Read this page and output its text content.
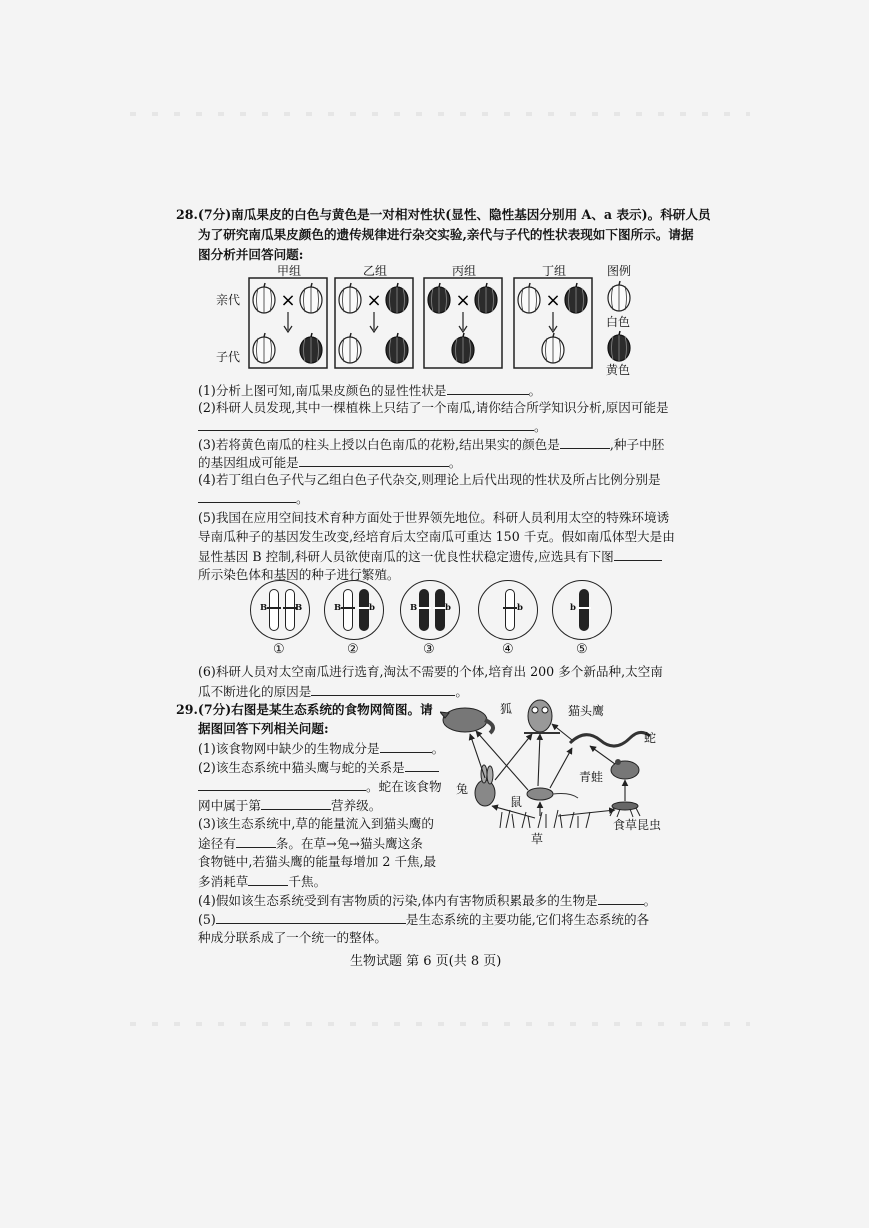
28.(7分)南瓜果皮的白色与黄色是一对相对性状(显性、隐性基因分别用 A、a 表示)。科研人员
为了研究南瓜果皮颜色的遗传规律进行杂交实验,亲代与子代的性状表现如下图所示。请据
图分析并回答问题:
×	×	×	×
甲组	乙组	丙组	丁组	图例
亲代
子代
白色
黄色
(1)分析上图可知,南瓜果皮颜色的显性性状是	。
(2)科研人员发现,其中一棵植株上只结了一个南瓜,请你结合所学知识分析,原因可能是
。
(3)若将黄色南瓜的柱头上授以白色南瓜的花粉,结出果实的颜色是	,种子中胚
的基因组成可能是	。
(4)若丁组白色子代与乙组白色子代杂交,则理论上后代出现的性状及所占比例分别是
。
(5)我国在应用空间技术育种方面处于世界领先地位。科研人员利用太空的特殊环境诱
导南瓜种子的基因发生改变,经培育后太空南瓜可重达 150 千克。假如南瓜体型大是由
显性基因 B 控制,科研人员欲使南瓜的这一优良性状稳定遗传,应选具有下图
所示染色体和基因的种子进行繁殖。
B	B
①
B	b
②
B	b
③
b
④
b
⑤
(6)科研人员对太空南瓜进行选育,淘汰不需要的个体,培育出 200 多个新品种,太空南
瓜不断进化的原因是	。
29.(7分)右图是某生态系统的食物网简图。请
据图回答下列相关问题:
(1)该食物网中缺少的生物成分是	。
(2)该生态系统中猫头鹰与蛇的关系是
。蛇在该食物
网中属于第	营养级。
(3)该生态系统中,草的能量流入到猫头鹰的
途径有	条。在草→兔→猫头鹰这条
食物链中,若猫头鹰的能量每增加 2 千焦,最
多消耗草	千焦。
(4)假如该生态系统受到有害物质的污染,体内有害物质积累最多的生物是	。
(5)	是生态系统的主要功能,它们将生态系统的各
种成分联系成了一个统一的整体。
狐	猫头鹰
蛇
兔
鼠
青蛙
草
食草昆虫
生物试题 第 6 页(共 8 页)
